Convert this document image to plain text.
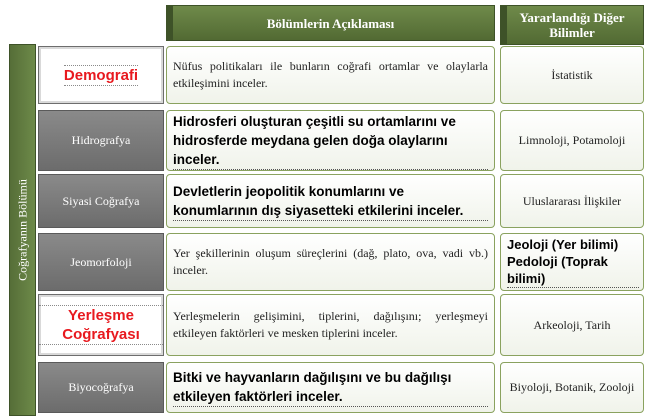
Bölümlerin Açıklaması	Yararlandığı Diğer Bilimler
Coğrafyanın Bölümü
Demografi
Nüfus politikaları ile bunların coğrafi ortamlar ve olaylarla etkileşimini inceler.
İstatistik
Hidrografya
Hidrosferi oluşturan çeşitli su ortamlarını ve hidrosferde meydana gelen doğa olaylarını inceler.
Limnoloji, Potamoloji
Siyasi Coğrafya
Devletlerin jeopolitik konumlarını ve konumlarının dış siyasetteki etkilerini inceler.
Uluslararası İlişkiler
Jeomorfoloji
Yer şekillerinin oluşum süreçlerini (dağ, plato, ova, vadi vb.) inceler.
Jeoloji (Yer bilimi) Pedoloji (Toprak bilimi)
Yerleşme Coğrafyası
Yerleşmelerin gelişimini, tiplerini, dağılışını; yerleşmeyi etkileyen faktörleri ve mesken tiplerini inceler.
Arkeoloji, Tarih
Biyocoğrafya
Bitki ve hayvanların dağılışını ve bu dağılışı etkileyen faktörleri inceler.
Biyoloji, Botanik, Zooloji
